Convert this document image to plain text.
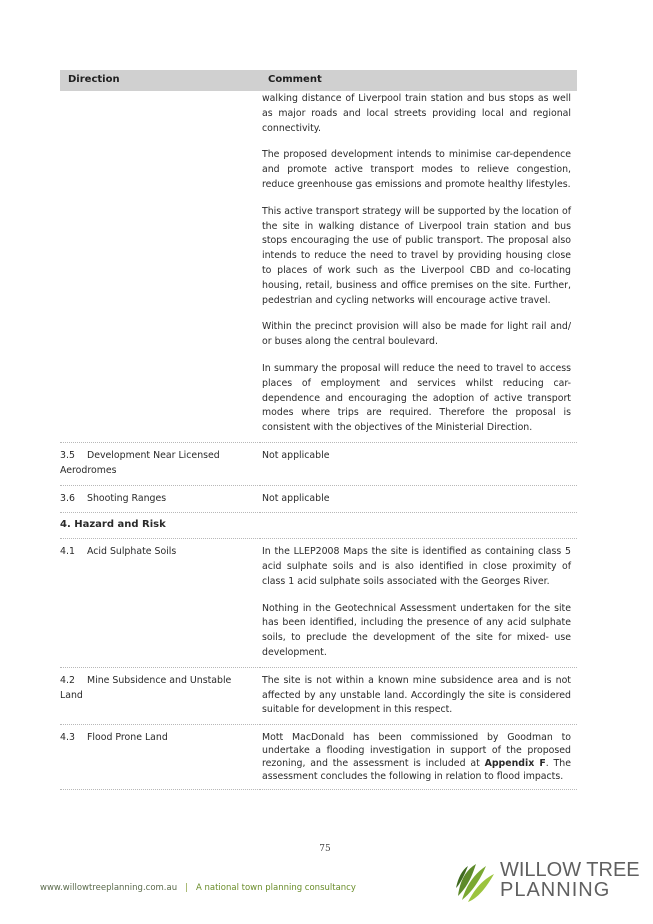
Direction	Comment

	walking distance of Liverpool train station and bus stops as well as major roads and local streets providing local and regional connectivity.

The proposed development intends to minimise car-dependence and promote active transport modes to relieve congestion, reduce greenhouse gas emissions and promote healthy lifestyles.

This active transport strategy will be supported by the location of the site in walking distance of Liverpool train station and bus stops encouraging the use of public transport. The proposal also intends to reduce the need to travel by providing housing close to places of work such as the Liverpool CBD and co-locating housing, retail, business and office premises on the site. Further, pedestrian and cycling networks will encourage active travel.

Within the precinct provision will also be made for light rail and/ or buses along the central boulevard.

In summary the proposal will reduce the need to travel to access places of employment and services whilst reducing car-dependence and encouraging the adoption of active transport modes where trips are required. Therefore the proposal is consistent with the objectives of the Ministerial Direction.

3.5 Development Near Licensed Aerodromes	Not applicable
3.6 Shooting Ranges	Not applicable
4. Hazard and Risk	
4.1 Acid Sulphate Soils	In the LLEP2008 Maps the site is identified as containing class 5 acid sulphate soils and is also identified in close proximity of class 1 acid sulphate soils associated with the Georges River.

Nothing in the Geotechnical Assessment undertaken for the site has been identified, including the presence of any acid sulphate soils, to preclude the development of the site for mixed- use development.

4.2 Mine Subsidence and Unstable Land	The site is not within a known mine subsidence area and is not affected by any unstable land. Accordingly the site is considered suitable for development in this respect.
4.3 Flood Prone Land	Mott MacDonald has been commissioned by Goodman to undertake a flooding investigation in support of the proposed rezoning, and the assessment is included at Appendix F. The assessment concludes the following in relation to flood impacts.
75
www.willowtreeplanning.com.au | A national town planning consultancy
WILLOW TREE
PLANNING
